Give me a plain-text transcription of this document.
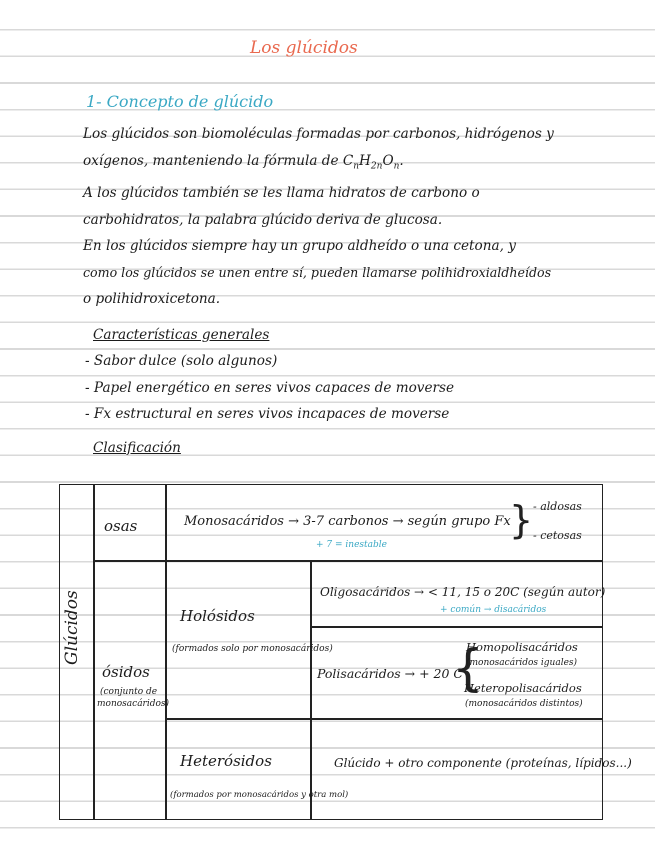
Los glúcidos
1- Concepto de glúcido
Los glúcidos son biomoléculas formadas por carbonos, hidrógenos y
oxígenos, manteniendo la fórmula de $C_nH_{2n}O_n$.
A los glúcidos también se les llama hidratos de carbono o
carbohidratos, la palabra glúcido deriva de glucosa.
En los glúcidos siempre hay un grupo aldheído o una cetona, y
como los glúcidos se unen entre sí, pueden llamarse polihidroxialdheídos
o polihidroxicetona.
Características generales
- Sabor dulce (solo algunos)
- Papel energético en seres vivos capaces de moverse
- Fx estructural en seres vivos incapaces de moverse
Clasificación
Glúcidos
osas	Monosacáridos → 3-7 carbonos → según grupo Fx
+ 7 = inestable
} - aldosas
- cetosas
ósidos
(conjunto de
monosacáridos)
Holósidos
(formados solo por monosacáridos)
Oligosacáridos → < 11, 15 o 20C (según autor)
+ común → disacáridos
Polisacáridos → + 20 C
{
Homopolisacáridos
(monosacáridos iguales)
Heteropolisacáridos
(monosacáridos distintos)
Heterósidos
(formados por monosacáridos y otra mol)
Glúcido + otro componente (proteínas, lípidos...)
